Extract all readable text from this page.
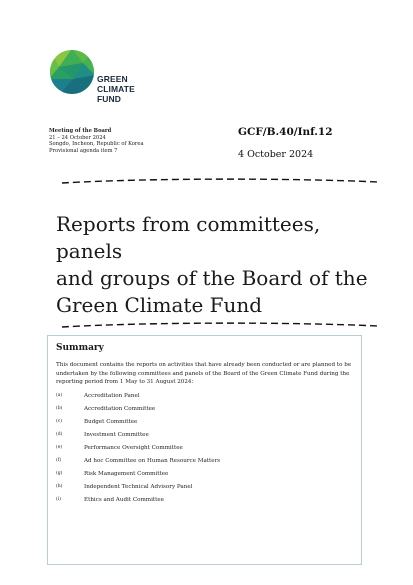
GREEN
CLIMATE
FUND
Meeting of the Board
21 – 24 October 2024
Songdo, Incheon, Republic of Korea
Provisional agenda item 7
GCF/B.40/Inf.12
4 October 2024
Reports from committees, panels
and groups of the Board of the
Green Climate Fund
Summary
This document contains the reports on activities that have already been conducted or are planned to be undertaken by the following committees and panels of the Board of the Green Climate Fund during the reporting period from 1 May to 31 August 2024:
(a)	Accreditation Panel
(b)	Accreditation Committee
(c)	Budget Committee
(d)	Investment Committee
(e)	Performance Oversight Committee
(f)	Ad hoc Committee on Human Resource Matters
(g)	Risk Management Committee
(h)	Independent Technical Advisory Panel
(i)	Ethics and Audit Committee
